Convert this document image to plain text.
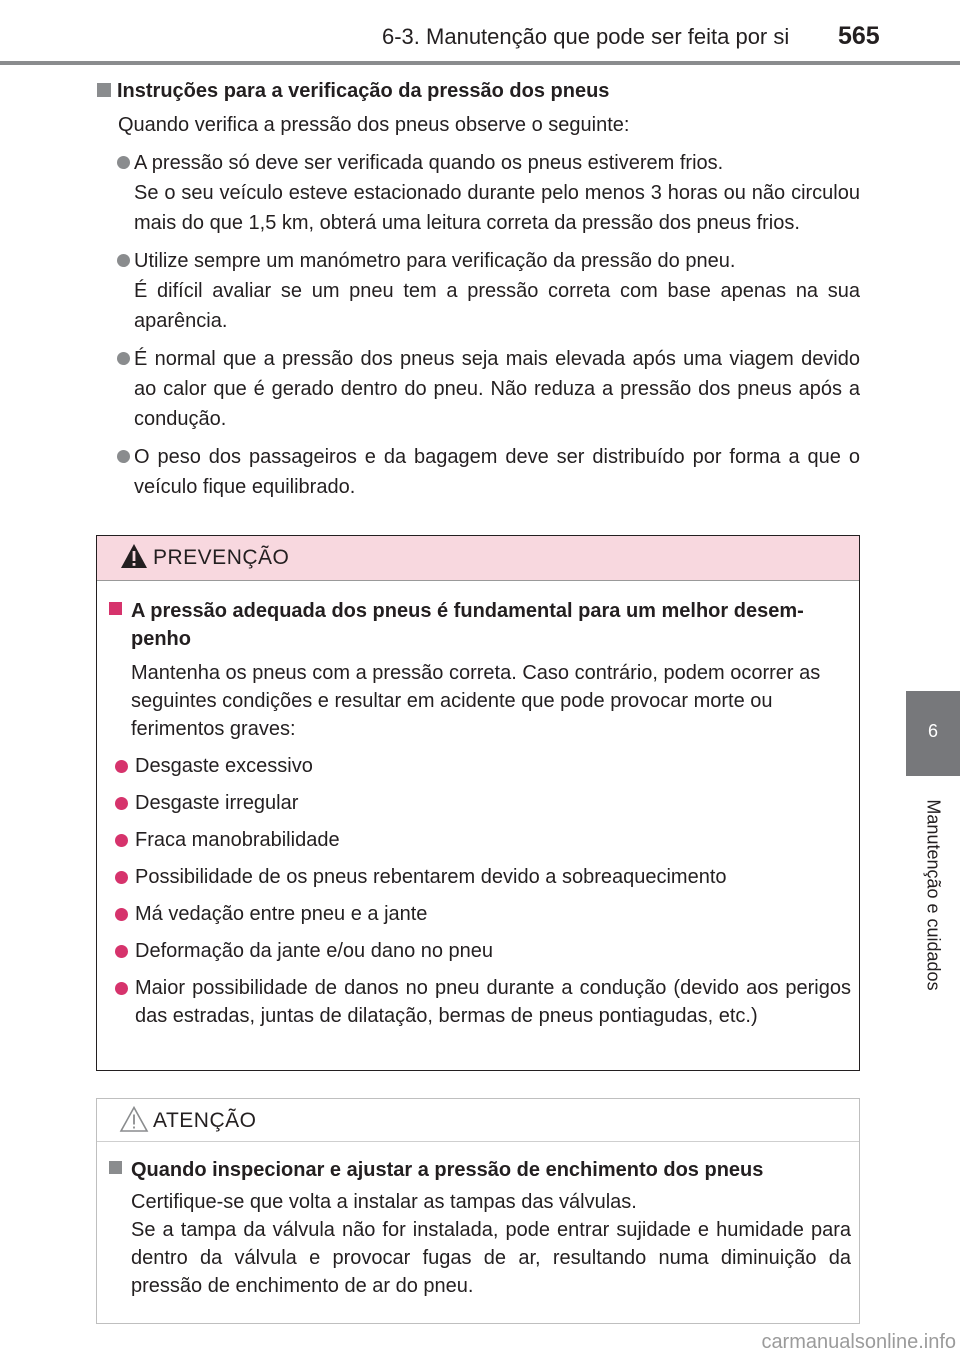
6-3. Manutenção que pode ser feita por si 565
6
Manutenção e cuidados
Instruções para a verificação da pressão dos pneus

Quando verifica a pressão dos pneus observe o seguinte:

A pressão só deve ser verificada quando os pneus estiverem frios.
Se o seu veículo esteve estacionado durante pelo menos 3 horas ou não circulou mais do que 1,5 km, obterá uma leitura correta da pressão dos pneus frios.
Utilize sempre um manómetro para verificação da pressão do pneu.
É difícil avaliar se um pneu tem a pressão correta com base apenas na sua aparência.
É normal que a pressão dos pneus seja mais elevada após uma viagem devido ao calor que é gerado dentro do pneu. Não reduza a pressão dos pneus após a condução.
O peso dos passageiros e da bagagem deve ser distribuído por forma a que o veículo fique equilibrado.
PREVENÇÃO
A pressão adequada dos pneus é fundamental para um melhor desem-penho

Mantenha os pneus com a pressão correta. Caso contrário, podem ocorrer as seguintes condições e resultar em acidente que pode provocar morte ou ferimentos graves:

Desgaste excessivo
Desgaste irregular
Fraca manobrabilidade
Possibilidade de os pneus rebentarem devido a sobreaquecimento
Má vedação entre pneu e a jante
Deformação da jante e/ou dano no pneu
Maior possibilidade de danos no pneu durante a condução (devido aos perigos das estradas, juntas de dilatação, bermas de pneus pontiagudas, etc.)
ATENÇÃO
Quando inspecionar e ajustar a pressão de enchimento dos pneus

Certifique-se que volta a instalar as tampas das válvulas.
Se a tampa da válvula não for instalada, pode entrar sujidade e humidade para dentro da válvula e provocar fugas de ar, resultando numa diminuição da pressão de enchimento de ar do pneu.

carmanualsonline.info
